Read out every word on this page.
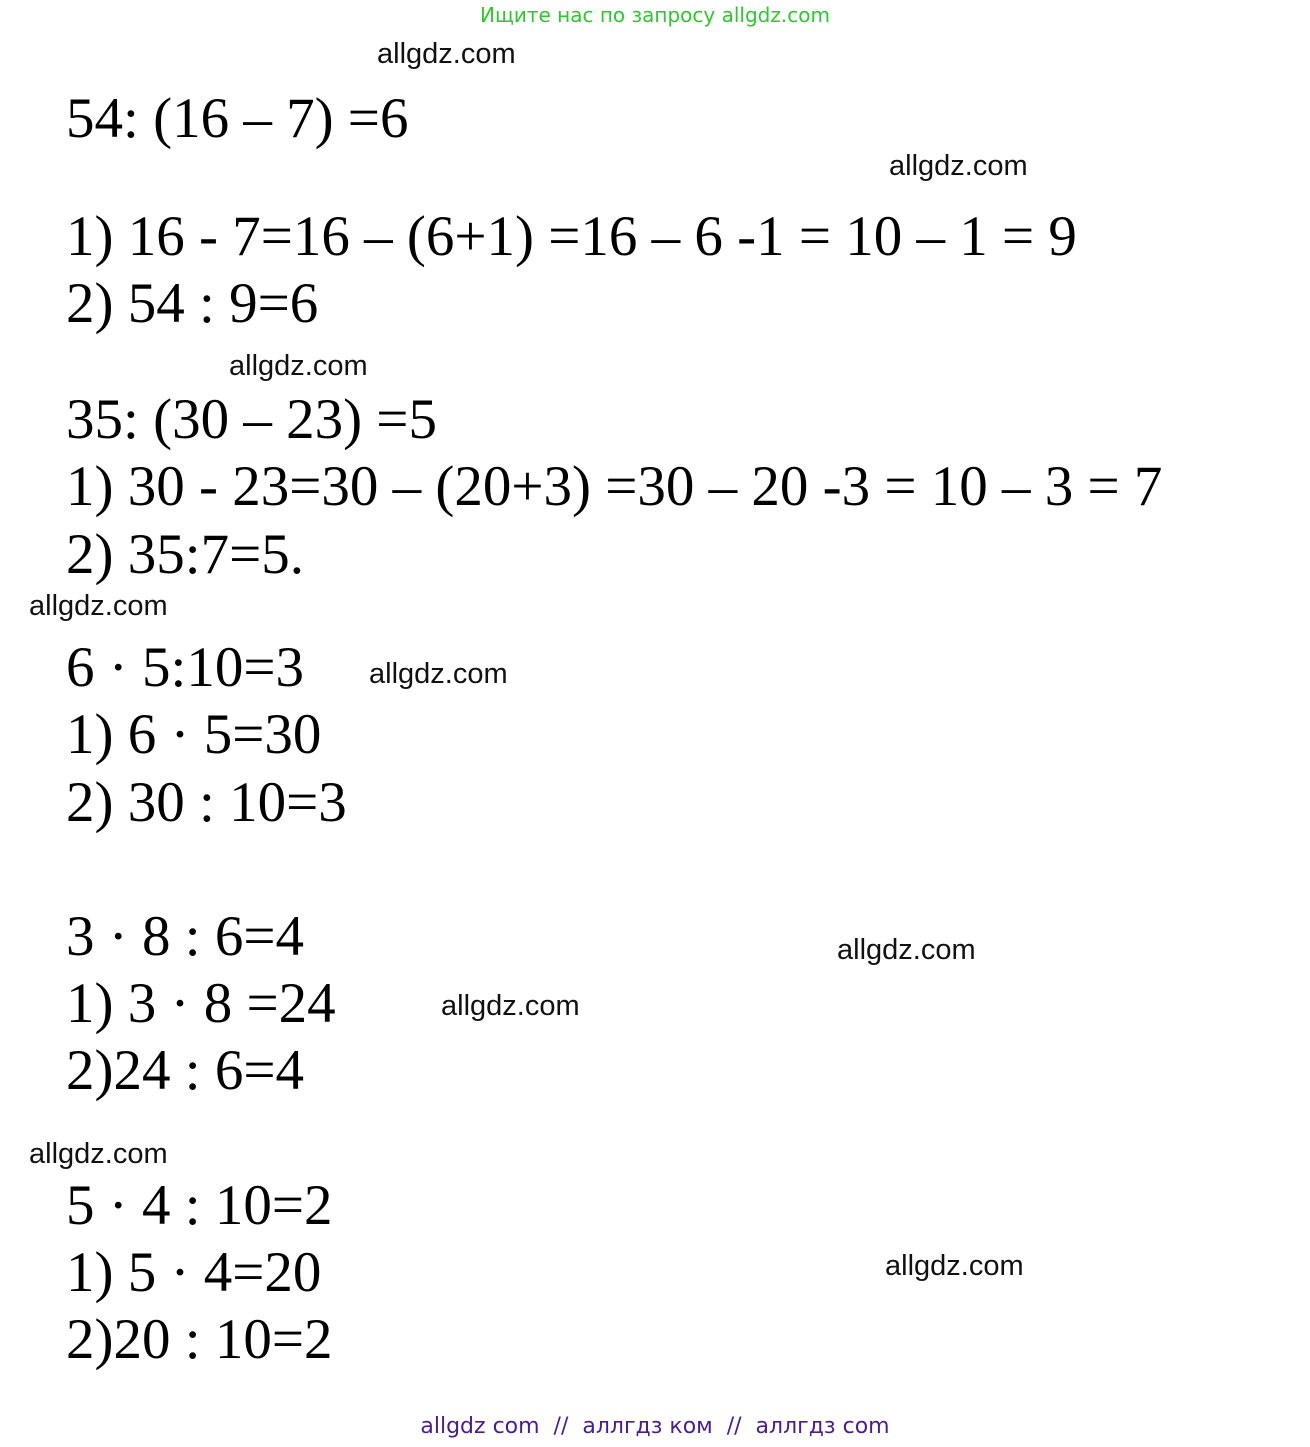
Ищите нас по запросу allgdz.com

54: (16 – 7) =6

1) 16 - 7=16 – (6+1) =16 – 6 -1 = 10 – 1 = 9

2) 54 : 9=6

35: (30 – 23) =5

1) 30 - 23=30 – (20+3) =30 – 20 -3 = 10 – 3 = 7

2) 35:7=5.

6 · 5:10=3

1) 6 · 5=30

2) 30 : 10=3

3 · 8 : 6=4

1) 3 · 8 =24

2)24 : 6=4

5 · 4 : 10=2

1) 5 · 4=20

2)20 : 10=2

allgdz.com
allgdz.com
allgdz.com
allgdz.com
allgdz.com
allgdz.com
allgdz.com
allgdz.com
allgdz.com
allgdz com  //  аллгдз ком  //  аллгдз com
